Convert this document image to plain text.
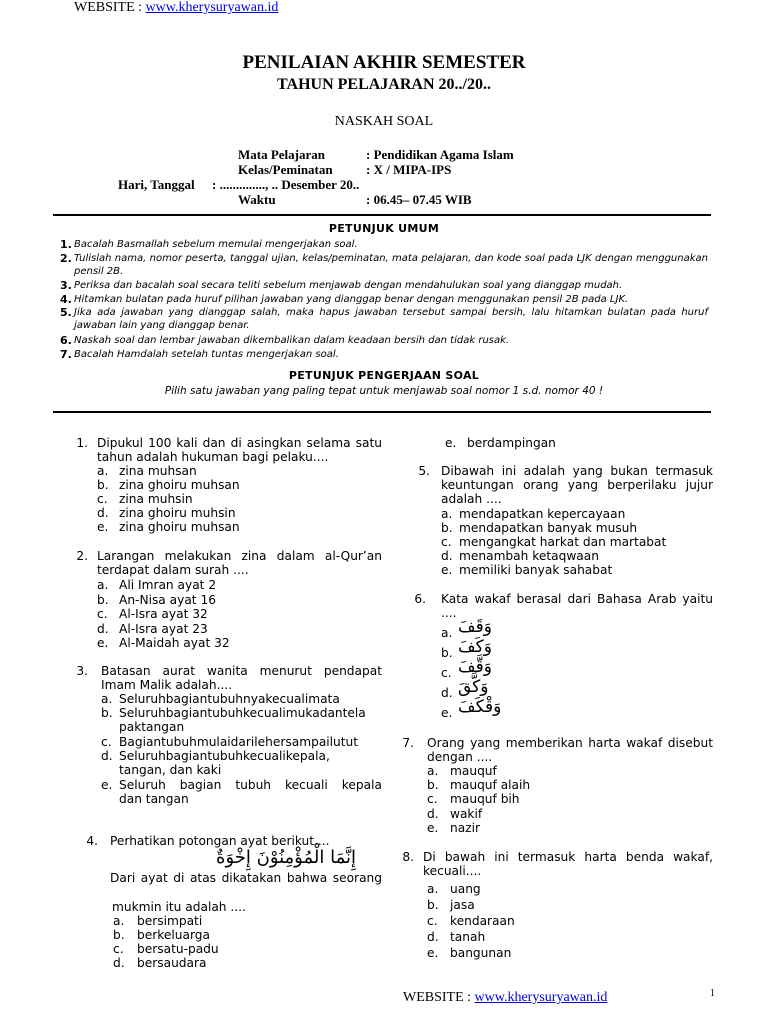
WEBSITE : www.kherysuryawan.id
PENILAIAN AKHIR SEMESTER
TAHUN PELAJARAN 20../20..
NASKAH SOAL
Mata Pelajaran	: Pendidikan Agama Islam
Kelas/Peminatan	: X / MIPA-IPS
Hari, Tanggal : .............., .. Desember 20..
Waktu	: 06.45– 07.45 WIB
PETUNJUK UMUM
1. Bacalah Basmallah sebelum memulai mengerjakan soal.
2. Tulislah nama, nomor peserta, tanggal ujian, kelas/peminatan, mata pelajaran, dan kode soal pada LJK dengan menggunakan pensil 2B.
3. Periksa dan bacalah soal secara teliti sebelum menjawab dengan mendahulukan soal yang dianggap mudah.
4. Hitamkan bulatan pada huruf pilihan jawaban yang dianggap benar dengan menggunakan pensil 2B pada LJK.
5. Jika ada jawaban yang dianggap salah, maka hapus jawaban tersebut sampai bersih, lalu hitamkan bulatan pada huruf jawaban lain yang dianggap benar.
6. Naskah soal dan lembar jawaban dikembalikan dalam keadaan bersih dan tidak rusak.
7. Bacalah Hamdalah setelah tuntas mengerjakan soal.
PETUNJUK PENGERJAAN SOAL
Pilih satu jawaban yang paling tepat untuk menjawab soal nomor 1 s.d. nomor 40 !
1. Dipukul 100 kali dan di asingkan selama satu tahun adalah hukuman bagi pelaku....
a. zina muhsan
b. zina ghoiru muhsan
c. zina muhsin
d. zina ghoiru muhsin
e. zina ghoiru muhsan
2. Larangan melakukan zina dalam al-Qur’an terdapat dalam surah ....
a. Ali Imran ayat 2
b. An-Nisa ayat 16
c. Al-Isra ayat 32
d. Al-Isra ayat 23
e. Al-Maidah ayat 32
3. Batasan aurat wanita menurut pendapat Imam Malik adalah....
a. Seluruhbagiantubuhnyakecualimata
b. Seluruhbagiantubuhkecualimukadantela
paktangan
c. Bagiantubuhmulaidarilehersampailutut
d. Seluruhbagiantubuhkecualikepala,
tangan, dan kaki
e. Seluruh bagian tubuh kecuali kepala
dan tangan
4. Perhatikan potongan ayat berikut....
إِنَّمَا الْمُؤْمِنُوْنَ إِخْوَةٌ
Dari ayat di atas dikatakan bahwa seorang
mukmin itu adalah ....
a. bersimpati
b. berkeluarga
c. bersatu-padu
d. bersaudara
e. berdampingan
5. Dibawah ini adalah yang bukan termasuk keuntungan orang yang berperilaku jujur adalah ....
a. mendapatkan kepercayaan
b. mendapatkan banyak musuh
c. mengangkat harkat dan martabat
d. menambah ketaqwaan
e. memiliki banyak sahabat
6. Kata wakaf berasal dari Bahasa Arab yaitu ....
a. وَقَفَ
b. وَكَفَ
c. وَقَّفَ
d. وَكَّقَ
e. وَقْكَفَ
7. Orang yang memberikan harta wakaf disebut dengan ....
a. mauquf
b. mauquf alaih
c. mauquf bih
d. wakif
e. nazir
8. Di bawah ini termasuk harta benda wakaf, kecuali....
a. uang
b. jasa
c. kendaraan
d. tanah
e. bangunan
WEBSITE : www.kherysuryawan.id	1
